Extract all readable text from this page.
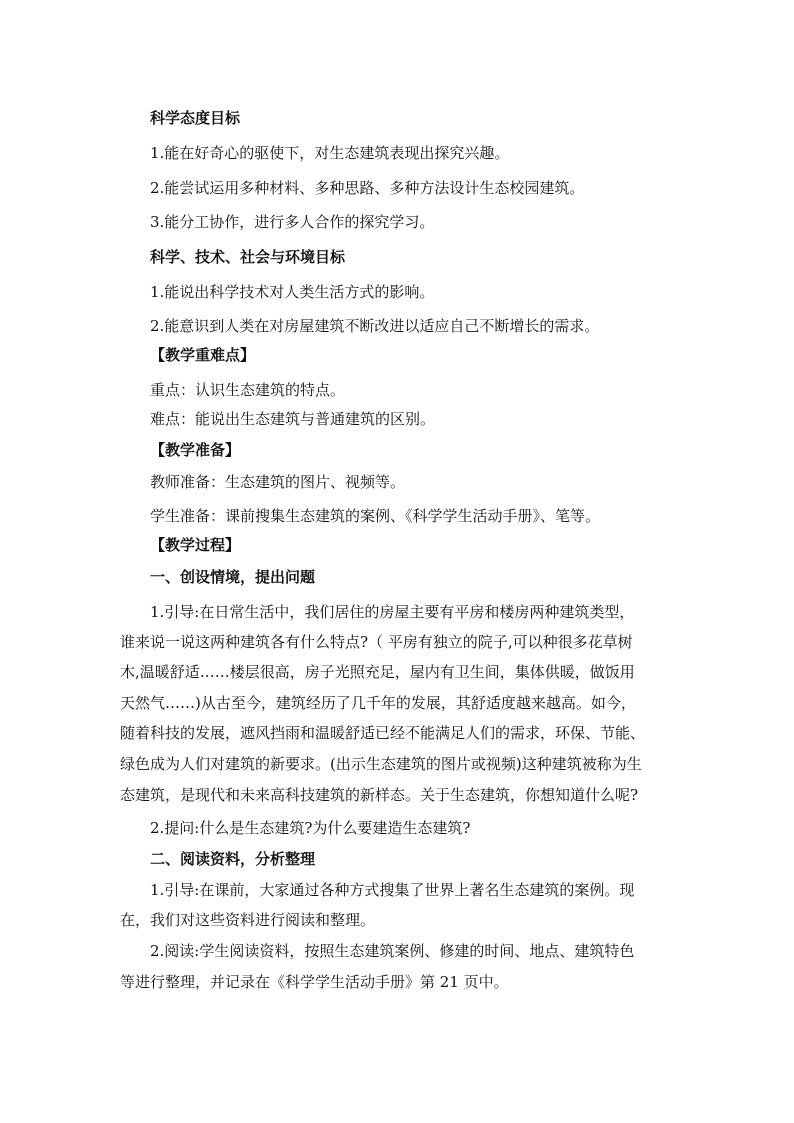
科学态度目标
1.能在好奇心的驱使下，对生态建筑表现出探究兴趣。
2.能尝试运用多种材料、多种思路、多种方法设计生态校园建筑。
3.能分工协作，进行多人合作的探究学习。
科学、技术、社会与环境目标
1.能说出科学技术对人类生活方式的影响。
2.能意识到人类在对房屋建筑不断改进以适应自己不断增长的需求。
【教学重难点】
重点：认识生态建筑的特点。
难点：能说出生态建筑与普通建筑的区别。
【教学准备】
教师准备：生态建筑的图片、视频等。
学生准备：课前搜集生态建筑的案例、《科学学生活动手册》、笔等。
【教学过程】
一、创设情境，提出问题
1.引导:在日常生活中，我们居住的房屋主要有平房和楼房两种建筑类型，
谁来说一说这两种建筑各有什么特点?（ 平房有独立的院子,可以种很多花草树
木,温暖舒适……楼层很高，房子光照充足，屋内有卫生间，集体供暖，做饭用
天然气……)从古至今，建筑经历了几千年的发展，其舒适度越来越高。如今，
随着科技的发展，遮风挡雨和温暖舒适已经不能满足人们的需求，环保、节能、
绿色成为人们对建筑的新要求。(出示生态建筑的图片或视频)这种建筑被称为生
态建筑，是现代和未来高科技建筑的新样态。关于生态建筑，你想知道什么呢?
2.提问:什么是生态建筑?为什么要建造生态建筑?
二、阅读资料，分析整理
1.引导:在课前，大家通过各种方式搜集了世界上著名生态建筑的案例。现
在，我们对这些资料进行阅读和整理。
2.阅读:学生阅读资料，按照生态建筑案例、修建的时间、地点、建筑特色
等进行整理，并记录在《科学学生活动手册》第 21 页中。
